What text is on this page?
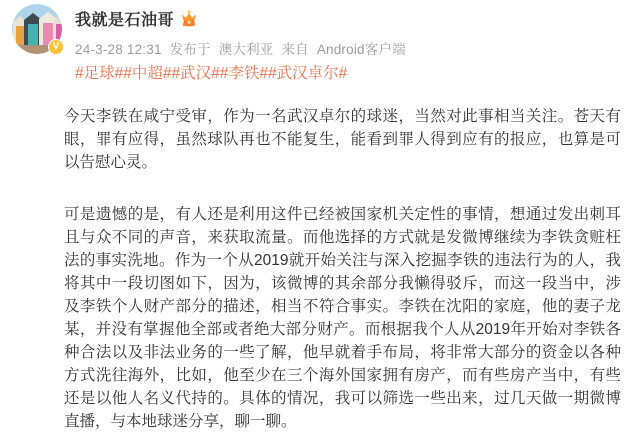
V
我就是石油哥
24-3-28 12:31 发布于 澳大利亚 来自 Android客户端
#足球##中超##武汉##李铁##武汉卓尔#

今天李铁在咸宁受审，作为一名武汉卓尔的球迷，当然对此事相当关注。苍天有眼，罪有应得，虽然球队再也不能复生，能看到罪人得到应有的报应，也算是可以告慰心灵。

可是遗憾的是，有人还是利用这件已经被国家机关定性的事情，想通过发出刺耳且与众不同的声音，来获取流量。而他选择的方式就是发微博继续为李铁贪赃枉法的事实洗地。作为一个从2019就开始关注与深入挖掘李铁的违法行为的人，我将其中一段切图如下，因为，该微博的其余部分我懒得驳斥，而这一段当中，涉及李铁个人财产部分的描述，相当不符合事实。李铁在沈阳的家庭，他的妻子龙某，并没有掌握他全部或者绝大部分财产。而根据我个人从2019年开始对李铁各种合法以及非法业务的一些了解，他早就着手布局，将非常大部分的资金以各种方式洗往海外，比如，他至少在三个海外国家拥有房产，而有些房产当中，有些还是以他人名义代持的。具体的情况，我可以筛选一些出来，过几天做一期微博直播，与本地球迷分享，聊一聊。
